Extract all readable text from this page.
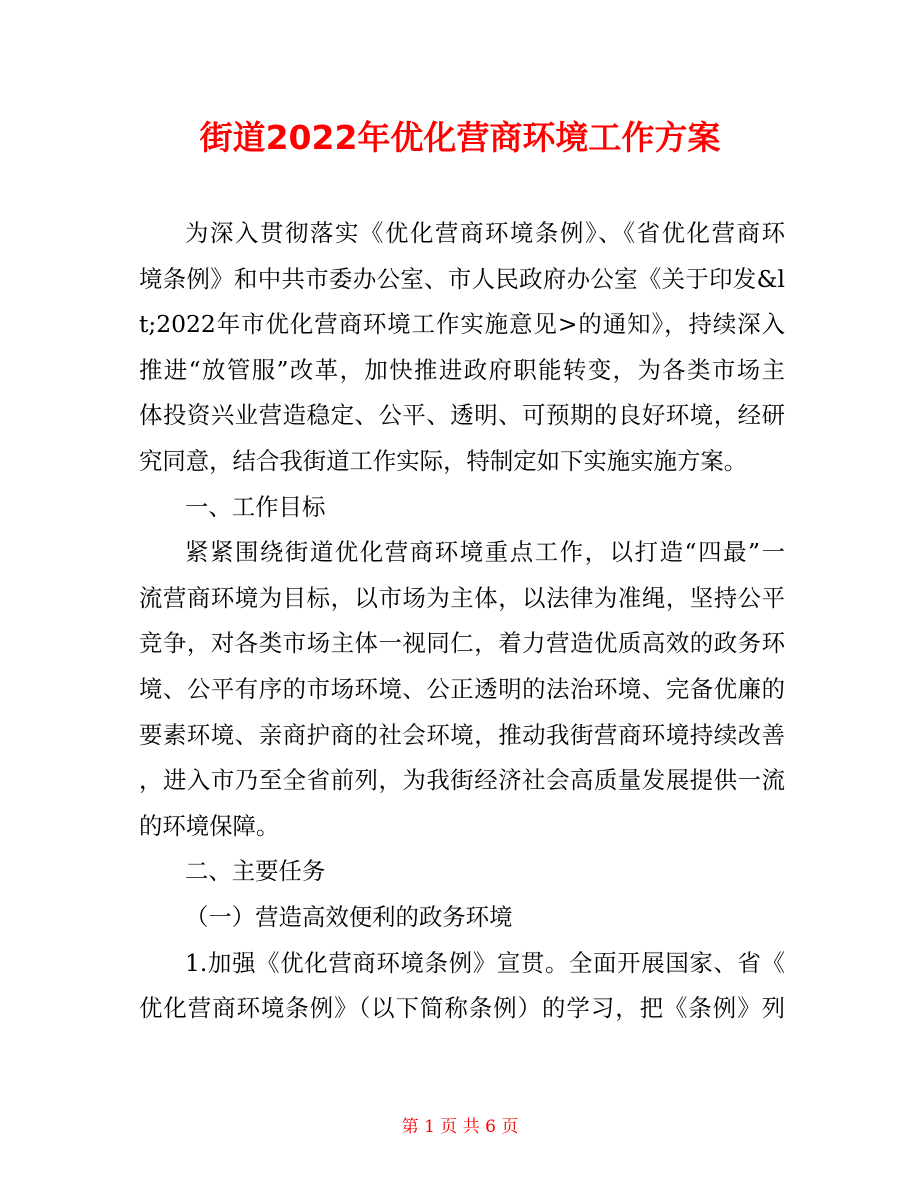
街道2022年优化营商环境工作方案
为深入贯彻落实《优化营商环境条例》、《省优化营商环
境条例》和中共市委办公室、市人民政府办公室《关于印发&l
t;2022年市优化营商环境工作实施意见>的通知》，持续深入
推进“放管服”改革，加快推进政府职能转变，为各类市场主
体投资兴业营造稳定、公平、透明、可预期的良好环境，经研
究同意，结合我街道工作实际，特制定如下实施实施方案。
一、工作目标
紧紧围绕街道优化营商环境重点工作，以打造“四最”一
流营商环境为目标，以市场为主体，以法律为准绳，坚持公平
竞争，对各类市场主体一视同仁，着力营造优质高效的政务环
境、公平有序的市场环境、公正透明的法治环境、完备优廉的
要素环境、亲商护商的社会环境，推动我街营商环境持续改善
，进入市乃至全省前列，为我街经济社会高质量发展提供一流
的环境保障。
二、主要任务
（一）营造高效便利的政务环境
1.加强《优化营商环境条例》宣贯。全面开展国家、省《
优化营商环境条例》（以下简称条例）的学习，把《条例》列
第 1 页 共 6 页
